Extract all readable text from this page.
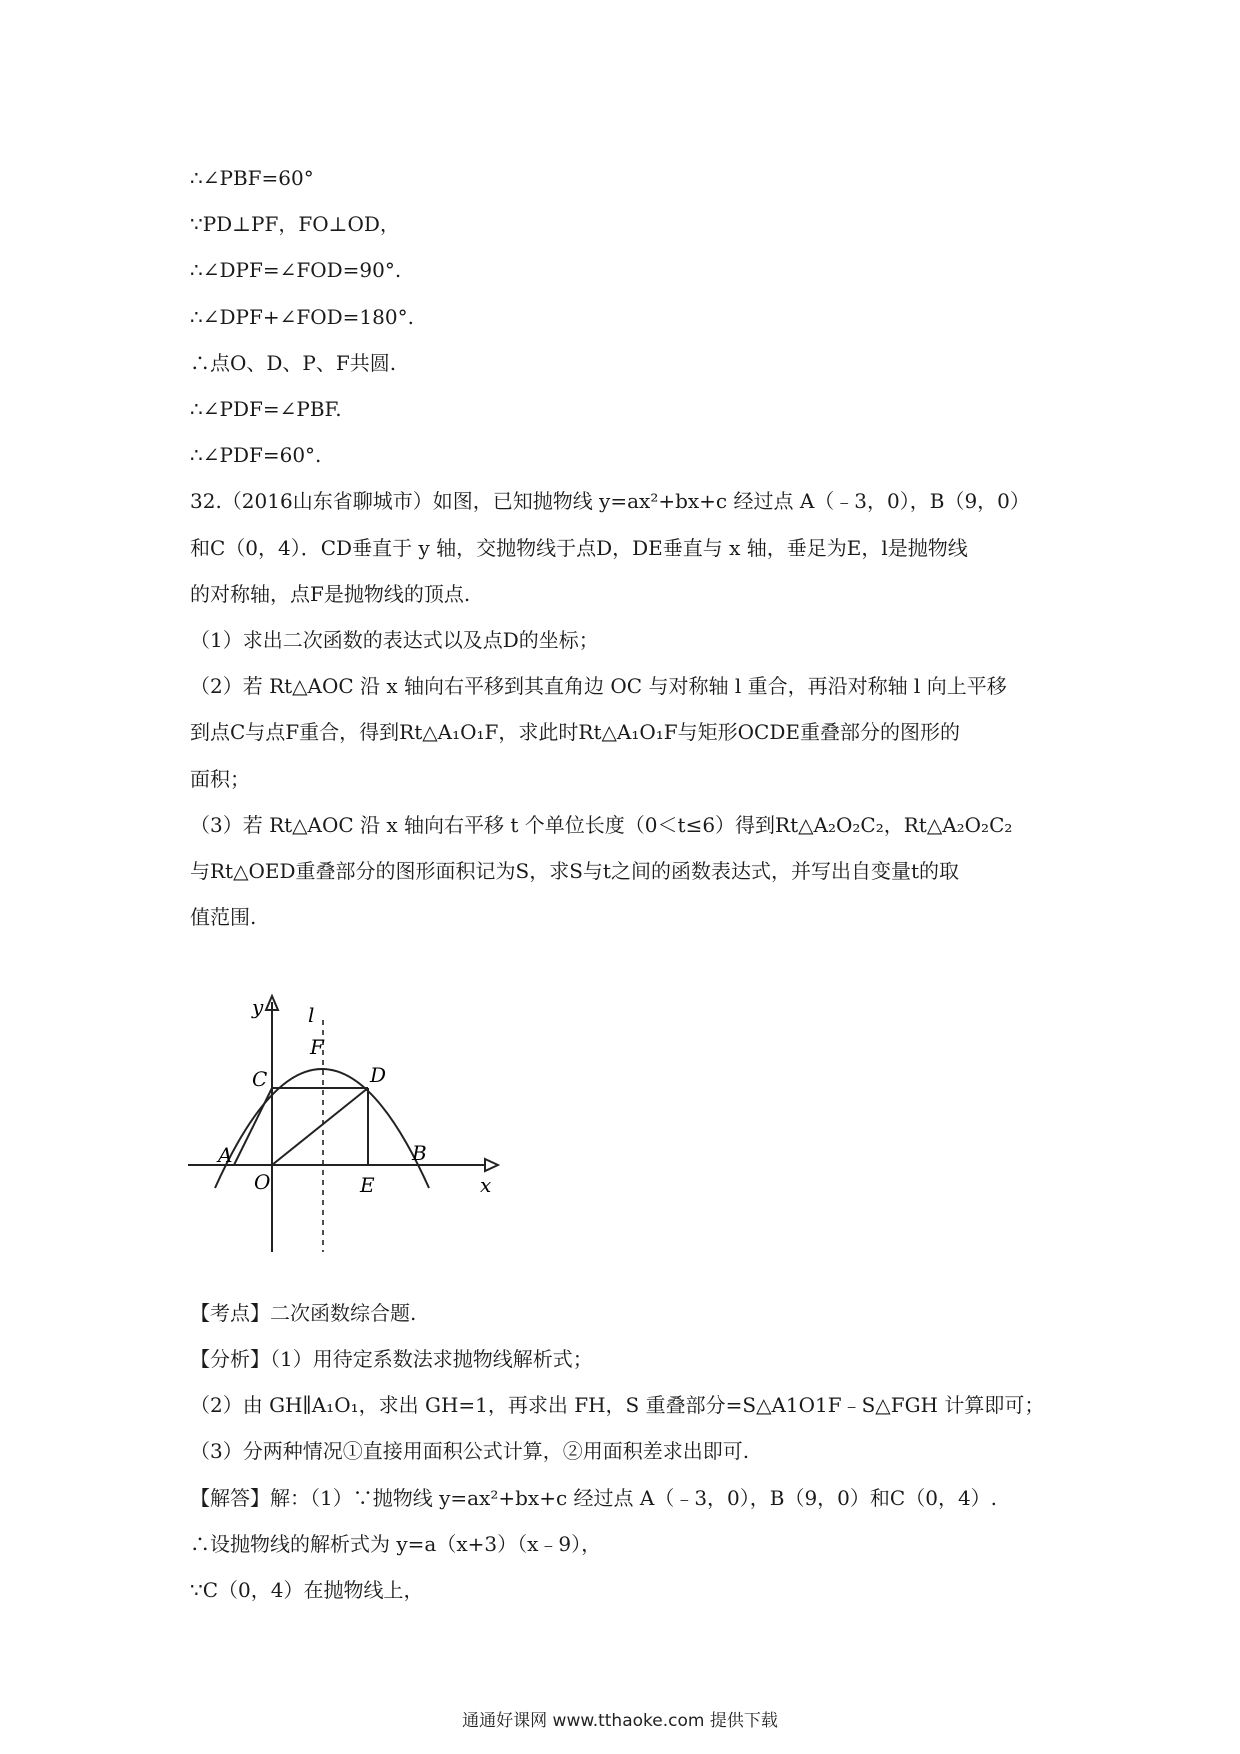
∴∠PBF=60°
∵PD⊥PF，FO⊥OD，
∴∠DPF=∠FOD=90°.
∴∠DPF+∠FOD=180°.
∴点O、D、P、F共圆.
∴∠PDF=∠PBF.
∴∠PDF=60°.
32.（2016山东省聊城市）如图，已知抛物线 y=ax²+bx+c 经过点 A（﹣3，0），B（9，0）
和C（0，4）．CD垂直于 y 轴，交抛物线于点D，DE垂直与 x 轴，垂足为E，l是抛物线
的对称轴，点F是抛物线的顶点.
（1）求出二次函数的表达式以及点D的坐标；
（2）若 Rt△AOC 沿 x 轴向右平移到其直角边 OC 与对称轴 l 重合，再沿对称轴 l 向上平移
到点C与点F重合，得到Rt△A₁O₁F，求此时Rt△A₁O₁F与矩形OCDE重叠部分的图形的
面积；
（3）若 Rt△AOC 沿 x 轴向右平移 t 个单位长度（0＜t≤6）得到Rt△A₂O₂C₂，Rt△A₂O₂C₂
与Rt△OED重叠部分的图形面积记为S，求S与t之间的函数表达式，并写出自变量t的取
值范围.
y
x
l
F
C	D
A
O	E
B
【考点】二次函数综合题.
【分析】（1）用待定系数法求抛物线解析式；
（2）由 GH∥A₁O₁，求出 GH=1，再求出 FH，S 重叠部分=S△A1O1F﹣S△FGH 计算即可；
（3）分两种情况①直接用面积公式计算，②用面积差求出即可.
【解答】解：（1）∵抛物线 y=ax²+bx+c 经过点 A（﹣3，0），B（9，0）和C（0，4）.
∴设抛物线的解析式为 y=a（x+3）（x﹣9），
∵C（0，4）在抛物线上，
通通好课网 www.tthaoke.com 提供下载
